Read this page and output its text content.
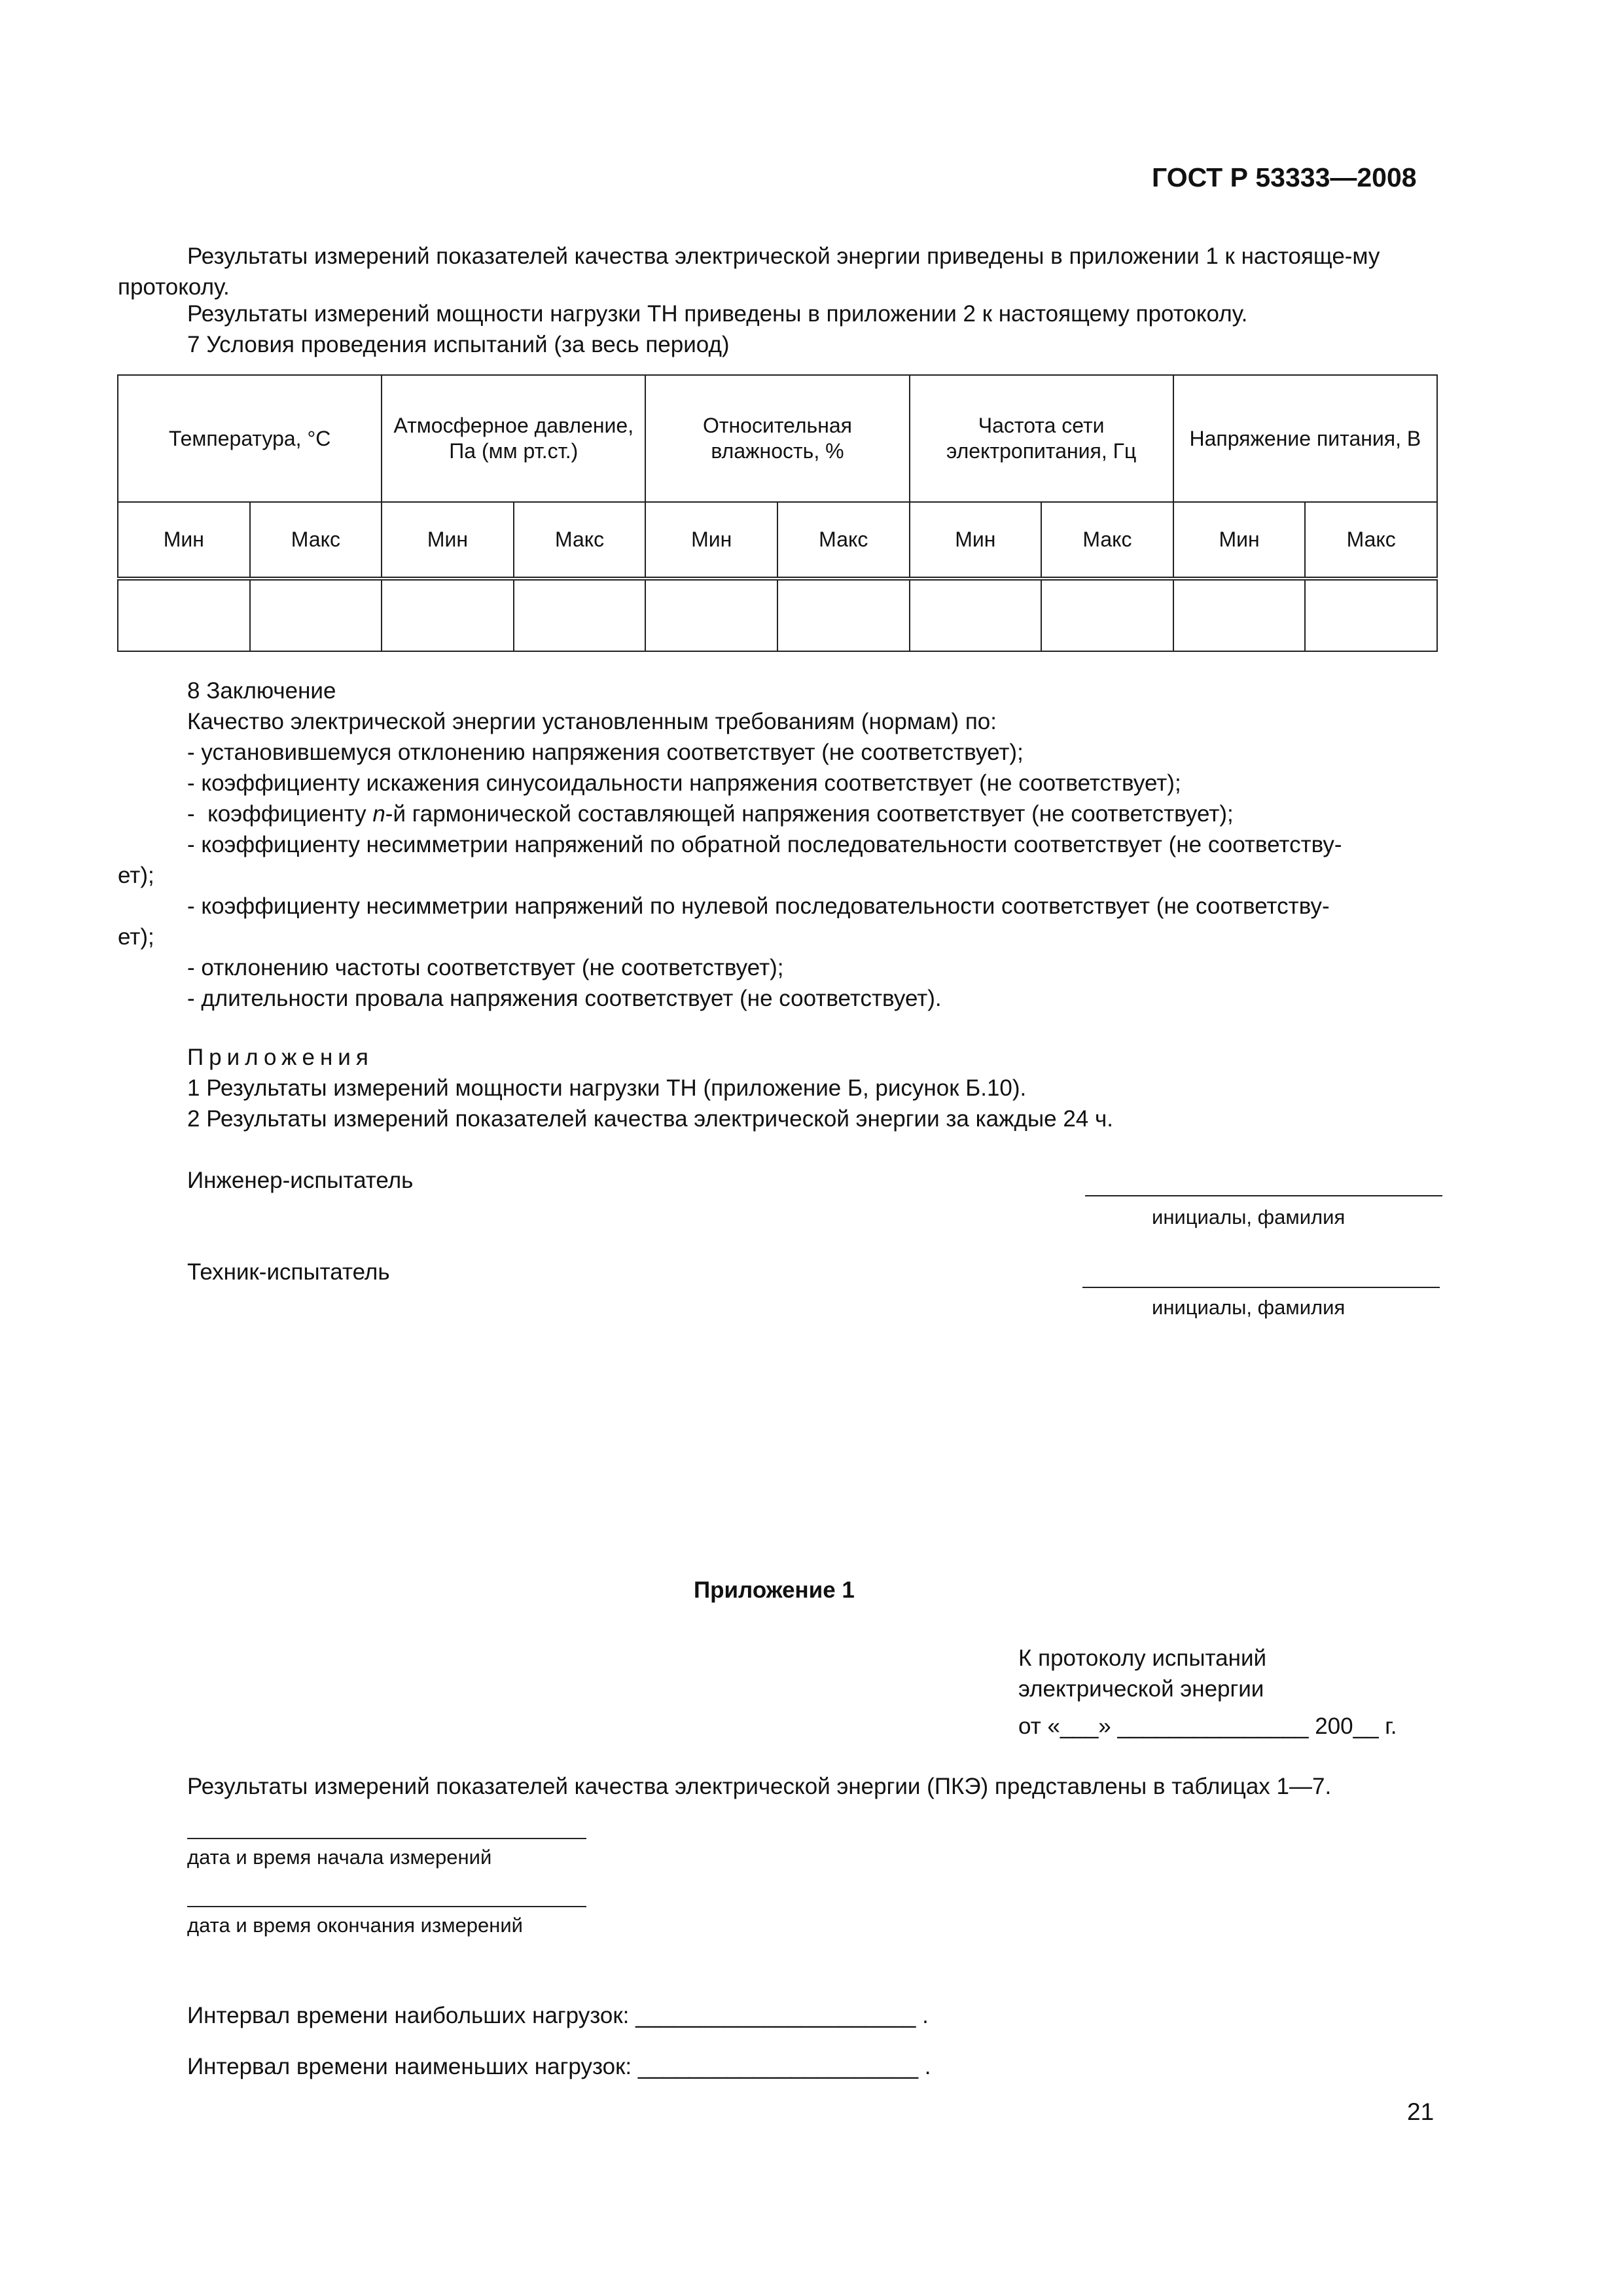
ГОСТ Р 53333—2008
Результаты измерений показателей качества электрической энергии приведены в приложении 1 к настояще-му протоколу.
Результаты измерений мощности нагрузки ТН приведены в приложении 2 к настоящему протоколу.
7 Условия проведения испытаний (за весь период)
Температура, °С		Атмосферное давление, Па (мм рт.ст.)		Относительная влажность, %		Частота сети электропитания, Гц		Напряжение питания, В	
Мин	Макс	Мин	Макс	Мин	Макс	Мин	Макс	Мин	Макс

8 Заключение
Качество электрической энергии установленным требованиям (нормам) по:
- установившемуся отклонению напряжения соответствует (не соответствует);
- коэффициенту искажения синусоидальности напряжения соответствует (не соответствует);
-  коэффициенту n-й гармонической составляющей напряжения соответствует (не соответствует);
- коэффициенту несимметрии напряжений по обратной последовательности соответствует (не соответству-
ет);
- коэффициенту несимметрии напряжений по нулевой последовательности соответствует (не соответству-
ет);
- отклонению частоты соответствует (не соответствует);
- длительности провала напряжения соответствует (не соответствует).
Приложения
1 Результаты измерений мощности нагрузки ТН (приложение Б, рисунок Б.10).
2 Результаты измерений показателей качества электрической энергии за каждые 24 ч.
Инженер-испытатель
инициалы, фамилия
Техник-испытатель
инициалы, фамилия
Приложение 1
К протоколу испытаний
электрической энергии
от «___» _______________ 200__ г.
Результаты измерений показателей качества электрической энергии (ПКЭ) представлены в таблицах 1—7.
дата и время начала измерений
дата и время окончания измерений
Интервал времени наибольших нагрузок: ______________________ .
Интервал времени наименьших нагрузок: ______________________ .
21
